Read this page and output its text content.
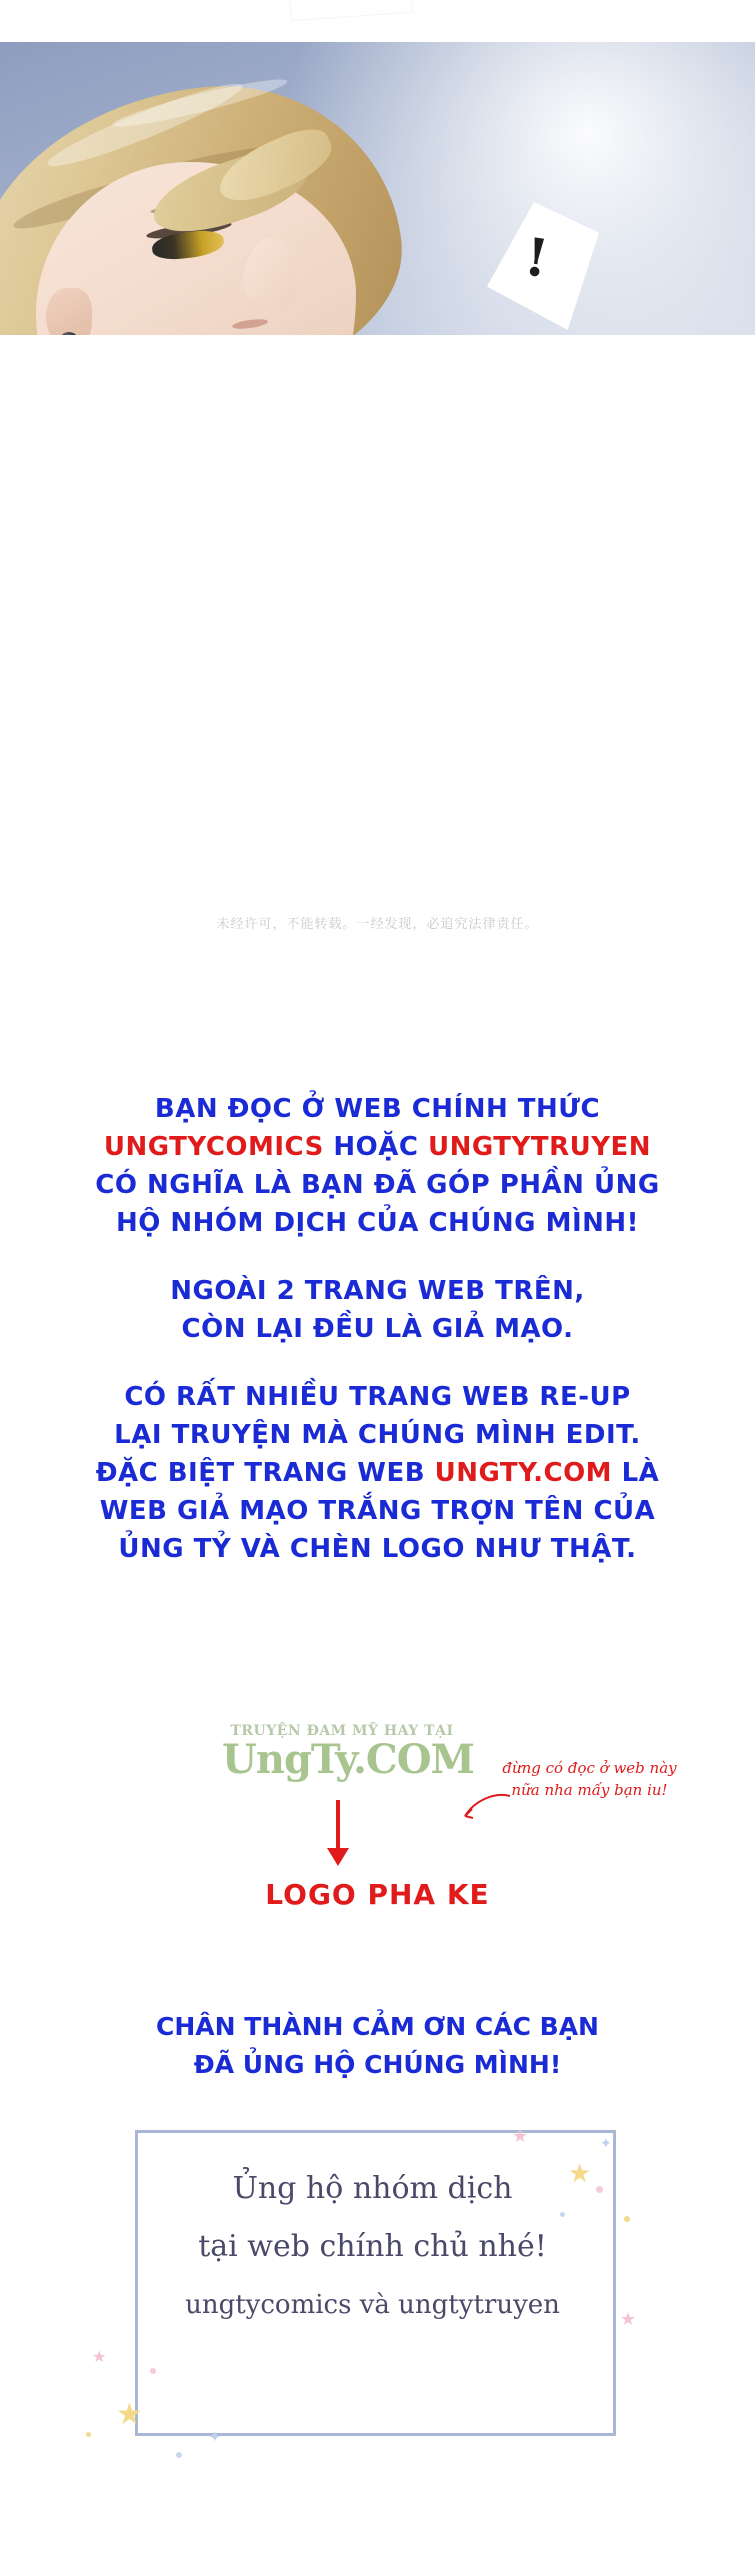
!
未经许可，不能转载。一经发现，必追究法律责任。

BẠN ĐỌC Ở WEB CHÍNH THỨC

UNGTYCOMICS HOẶC UNGTYTRUYEN

CÓ NGHĨA LÀ BẠN ĐÃ GÓP PHẦN ỦNG

HỘ NHÓM DỊCH CỦA CHÚNG MÌNH!

NGOÀI 2 TRANG WEB TRÊN,

CÒN LẠI ĐỀU LÀ GIẢ MẠO.

CÓ RẤT NHIỀU TRANG WEB RE-UP

LẠI TRUYỆN MÀ CHÚNG MÌNH EDIT.

ĐẶC BIỆT TRANG WEB UNGTY.COM LÀ

WEB GIẢ MẠO TRẮNG TRỢN TÊN CỦA

ỦNG TỶ VÀ CHÈN LOGO NHƯ THẬT.

TRUYỆN ĐAM MỸ HAY TẠI
UngTy.COM
LOGO PHA KE
đừng có đọc ở web này nữa nha mấy bạn iu!

CHÂN THÀNH CẢM ƠN CÁC BẠN

ĐÃ ỦNG HỘ CHÚNG MÌNH!

Ủng hộ nhóm dịch

tại web chính chủ nhé!

ungtycomics và ungtytruyen

★
★	✦
★
★
✦
★
